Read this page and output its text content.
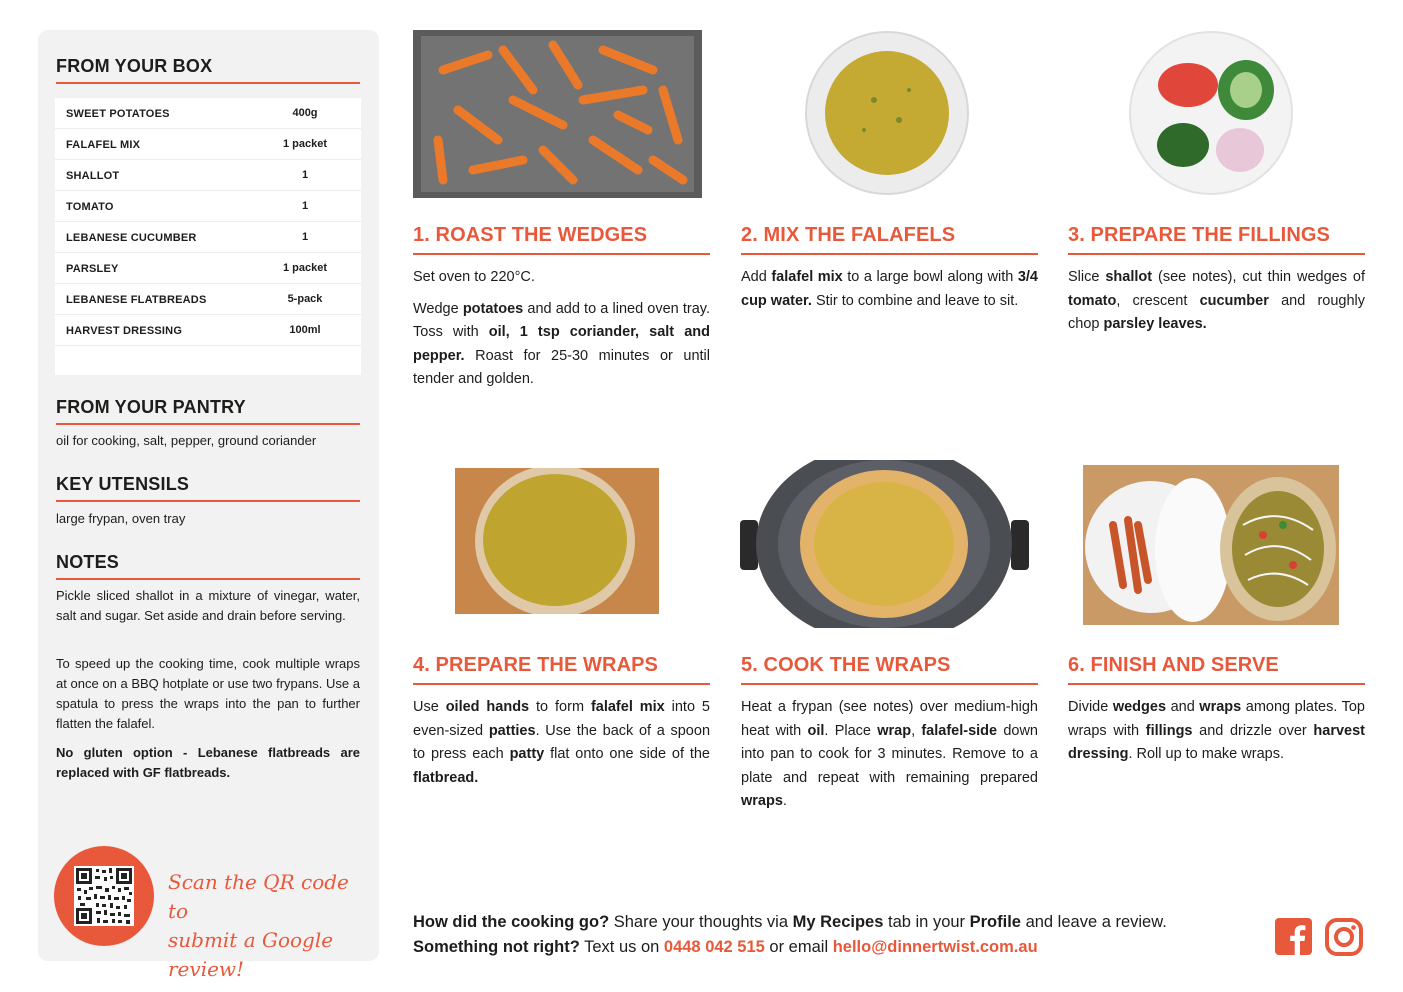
FROM YOUR BOX
SWEET POTATOES	400g
FALAFEL MIX	1 packet
SHALLOT	1
TOMATO	1
LEBANESE CUCUMBER	1
PARSLEY	1 packet
LEBANESE FLATBREADS	5-pack
HARVEST DRESSING	100ml
FROM YOUR PANTRY
oil for cooking, salt, pepper, ground coriander
KEY UTENSILS
large frypan, oven tray
NOTES
Pickle sliced shallot in a mixture of vinegar, water, salt and sugar. Set aside and drain before serving.
To speed up the cooking time, cook multiple wraps at once on a BBQ hotplate or use two frypans. Use a spatula to press the wraps into the pan to further flatten the falafel.
No gluten option - Lebanese flatbreads are replaced with GF flatbreads.
Scan the QR code to
submit a Google review!
1. ROAST THE WEDGES

Set oven to 220°C.

Wedge potatoes and add to a lined oven tray. Toss with oil, 1 tsp coriander, salt and pepper. Roast for 25-30 minutes or until tender and golden.

2. MIX THE FALAFELS

Add falafel mix to a large bowl along with 3/4 cup water. Stir to combine and leave to sit.

3. PREPARE THE FILLINGS

Slice shallot (see notes), cut thin wedges of tomato, crescent cucumber and roughly chop parsley leaves.

4. PREPARE THE WRAPS

Use oiled hands to form falafel mix into 5 even-sized patties. Use the back of a spoon to press each patty flat onto one side of the flatbread.

5. COOK THE WRAPS

Heat a frypan (see notes) over medium-high heat with oil. Place wrap, falafel-side down into pan to cook for 3 minutes. Remove to a plate and repeat with remaining prepared wraps.

6. FINISH AND SERVE

Divide wedges and wraps among plates. Top wraps with fillings and drizzle over harvest dressing. Roll up to make wraps.

How did the cooking go? Share your thoughts via My Recipes tab in your Profile and leave a review.
Something not right? Text us on 0448 042 515 or email hello@dinnertwist.com.au
